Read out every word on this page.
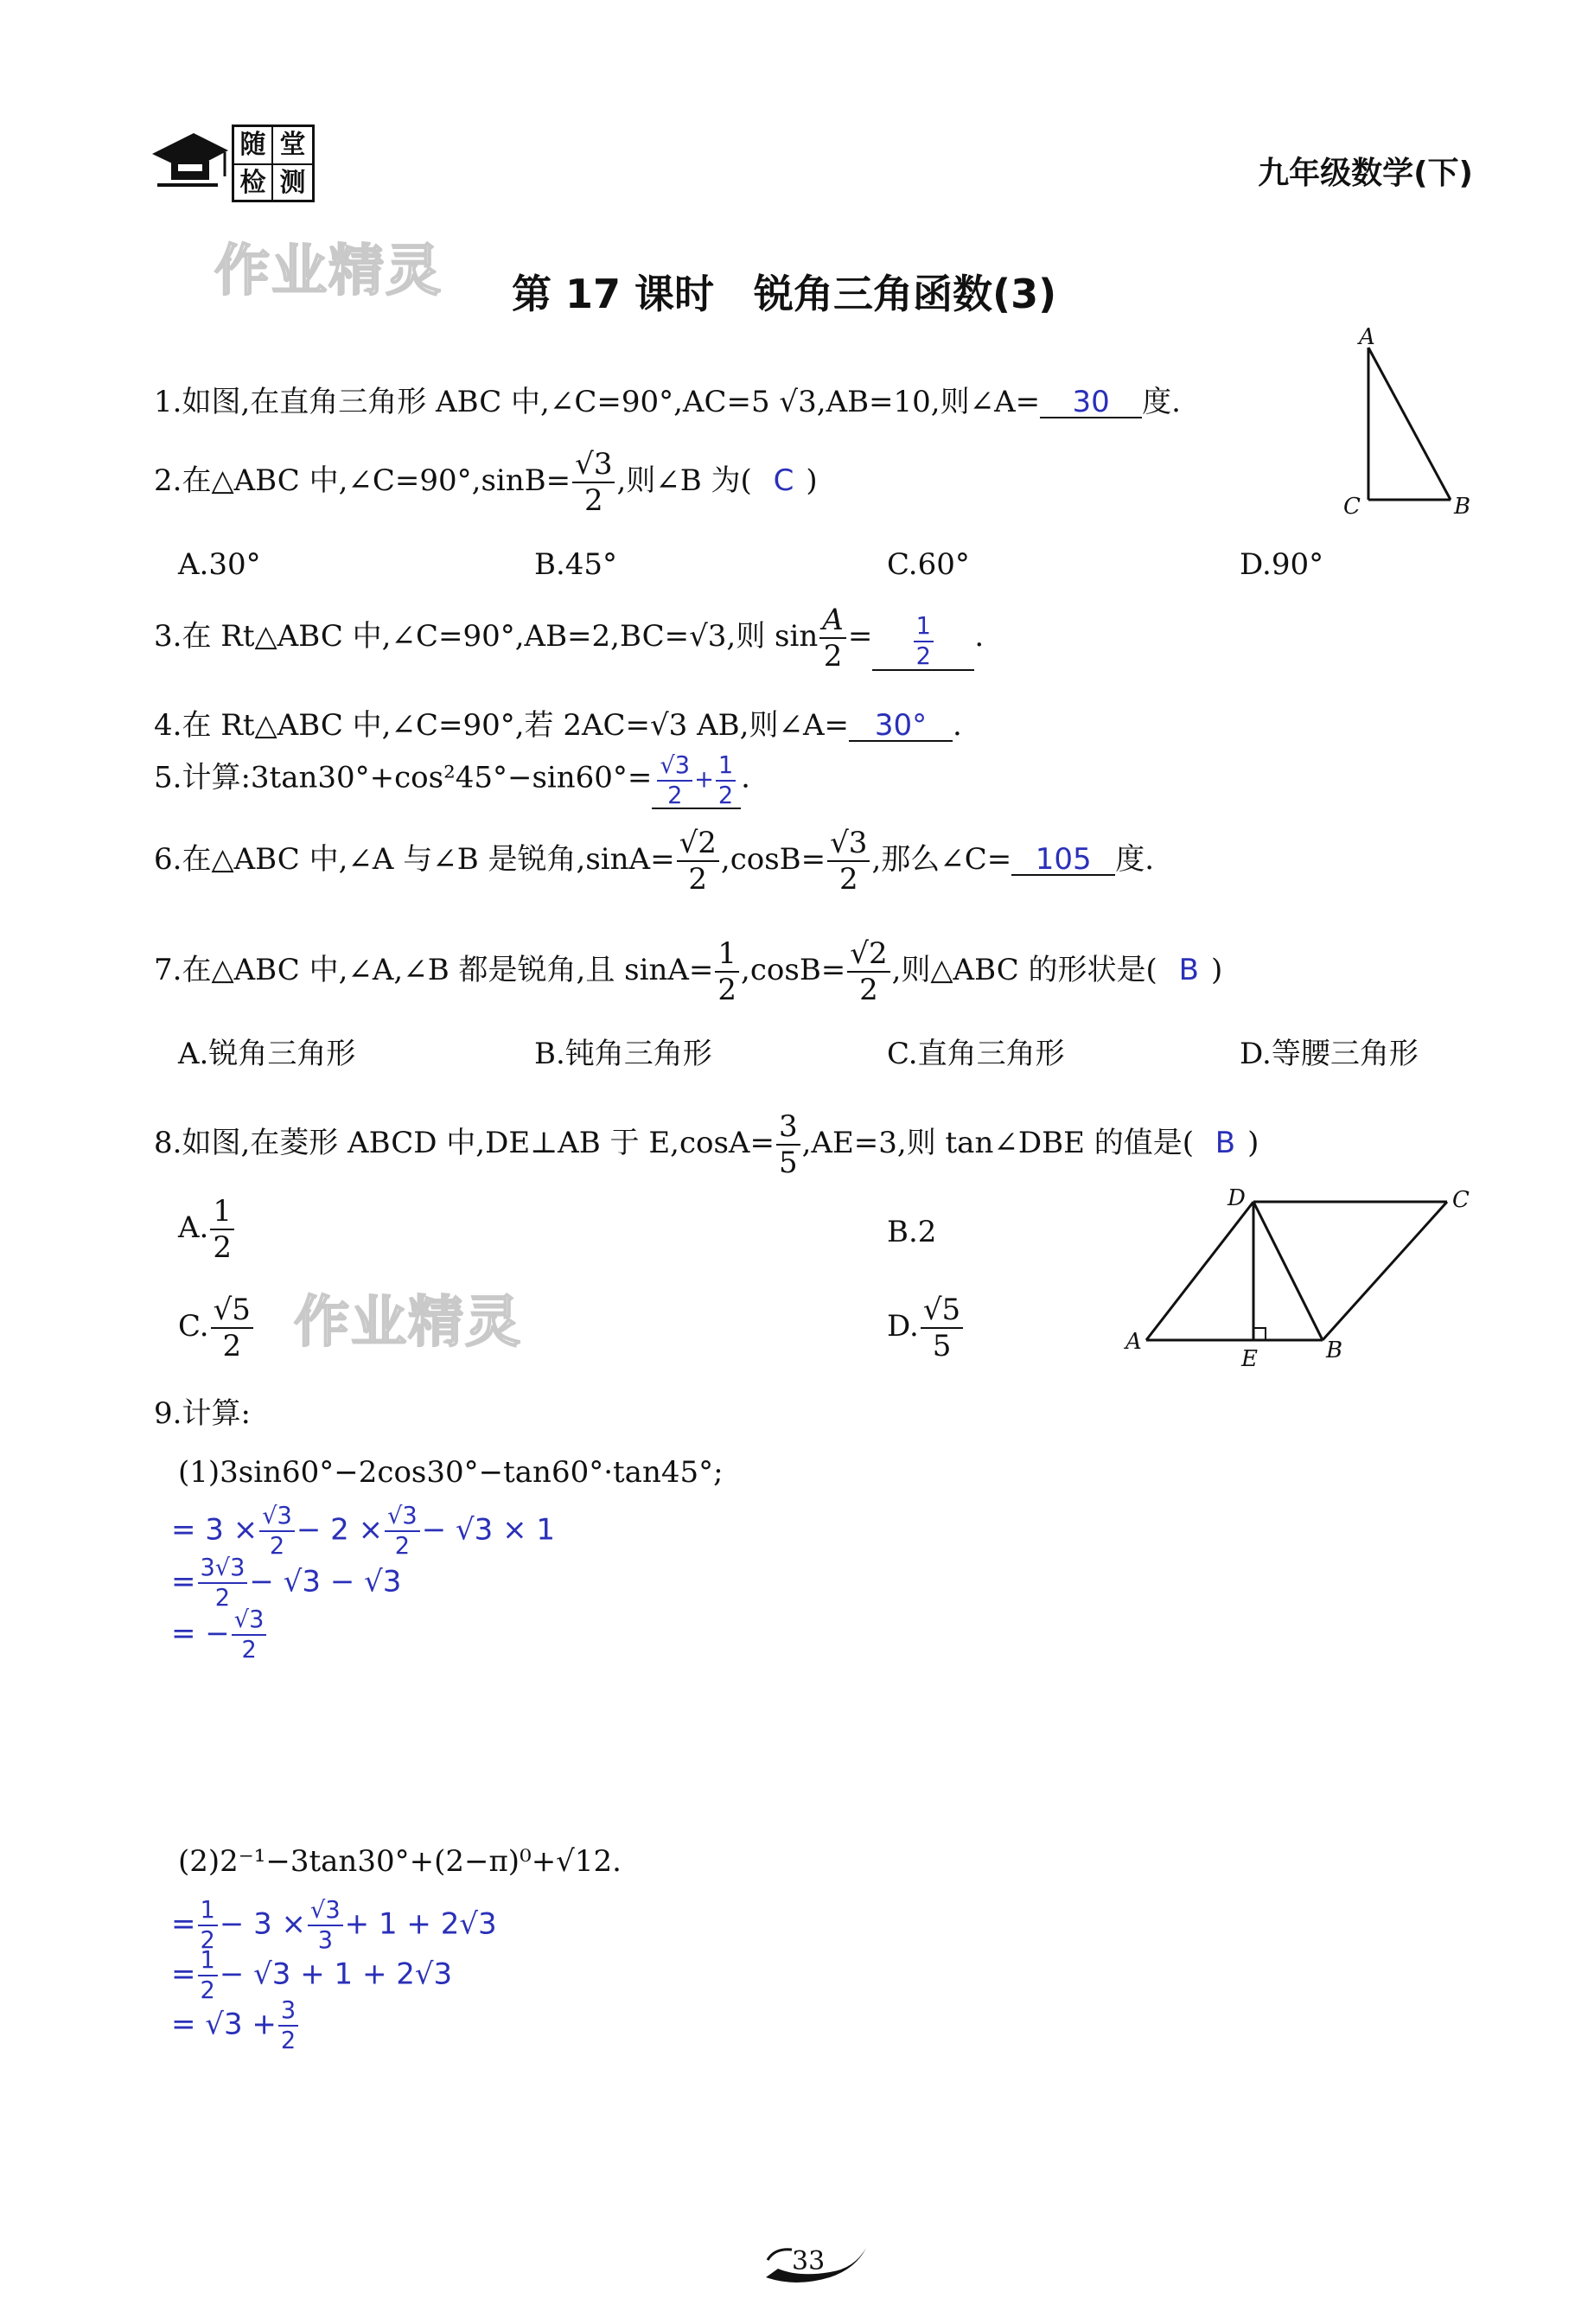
随 堂
检 测	九年级数学(下)
作业精灵
作业精灵
第 17 课时　锐角三角函数(3)
A
C	B
1.如图,在直角三角形 ABC 中,∠C=90°,AC=5 √3,AB=10,则∠A= 30 度.
2.在△ABC 中,∠C=90°,sinB= $\frac{√3}{2}$ ,则∠B 为( C )
A.30°	B.45°	C.60°	D.90°
3.在 Rt△ABC 中,∠C=90°,AB=2,BC=√3,则 $\sin \frac{A}{2} = \frac{1}{2}$ .
4.在 Rt△ABC 中,∠C=90°,若 2AC=√3 AB,则∠A= 30° .
5.计算:3tan30°+cos²45°−sin60°= $\frac{√3}{2} + \frac{1}{2}$ .
6.在△ABC 中,∠A 与∠B 是锐角$,\sin A= \frac{√2}{2} ,\cos B= \frac{√3}{2}$ ,那么∠C= 105 度.
7.在△ABC 中,∠A,∠B 都是锐角,且 $\sin A= \frac{1}{2} ,\cos B= \frac{√2}{2}$ ,则△ABC 的形状是( B )
A.锐角三角形	B.钝角三角形	C.直角三角形	D.等腰三角形
8.如图,在菱形 ABCD 中,DE⊥AB 于 $E,\cos A= \frac{3}{5} ,AE=3$,则 tan∠DBE 的值是( B )
A. $\frac{1}{2}$	B.2
C. $\frac{√5}{2}$	D. $\frac{√5}{5}$
D	C
A
E	B
9.计算:
(1)3sin60°−2cos30°−tan60°·tan45°;
= $3 \times \frac{√3}{2} - 2 \times \frac{√3}{2} - √3 \times 1$
= $\frac{3√3}{2} - √3 - √3$
= − $\frac{√3}{2}$
(2)2⁻¹−3tan30°+(2−π)⁰+√12.
= $\frac{1}{2} - 3 \times \frac{√3}{3} + 1 + 2√3$
= $\frac{1}{2} - √3 + 1 + 2√3$
= $√3 + \frac{3}{2}$
33
